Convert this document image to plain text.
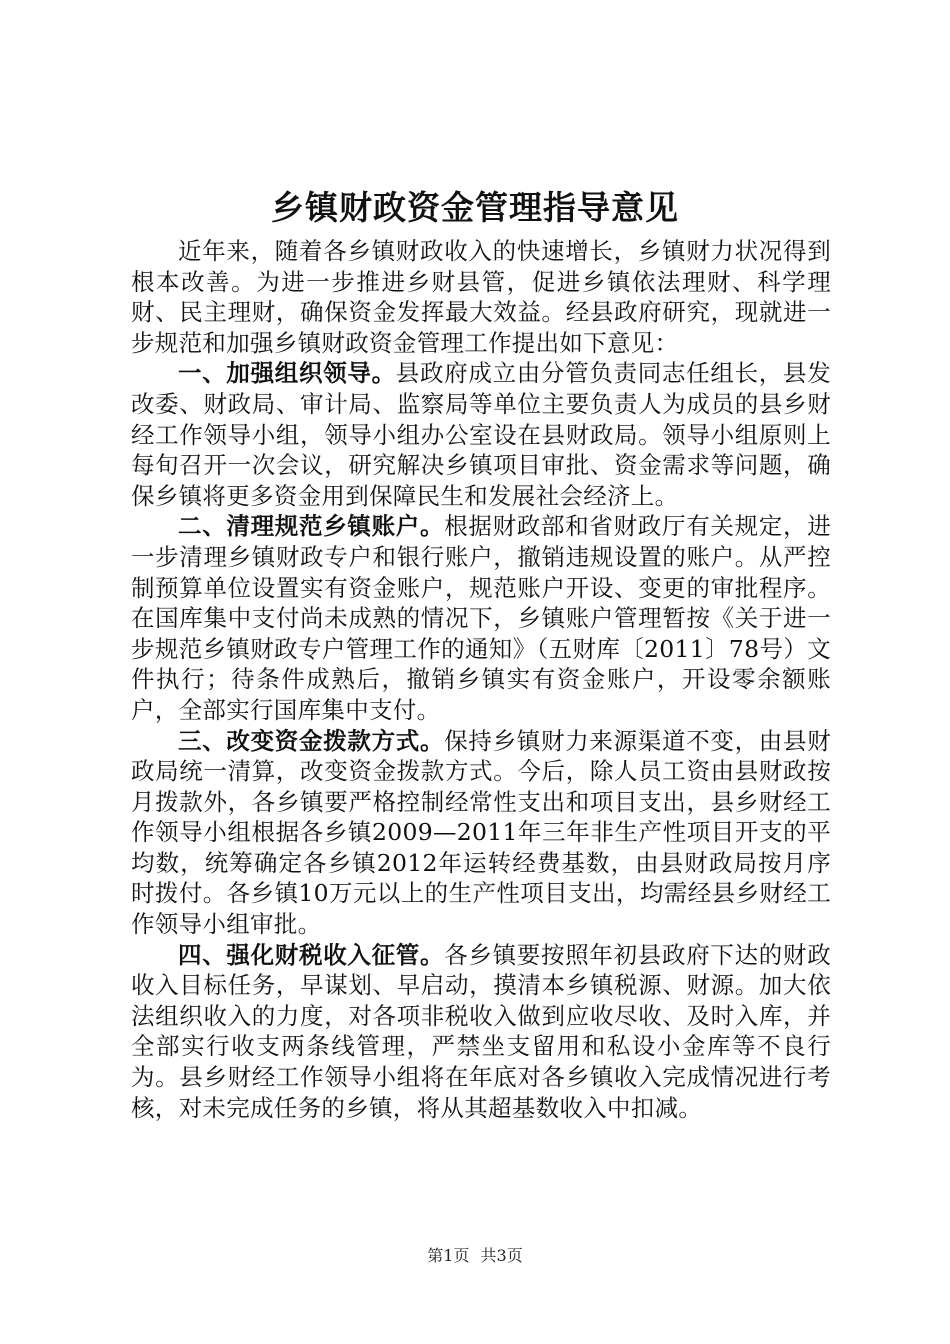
乡镇财政资金管理指导意见

近年来，随着各乡镇财政收入的快速增长，乡镇财力状况得到根本改善。为进一步推进乡财县管，促进乡镇依法理财、科学理财、民主理财，确保资金发挥最大效益。经县政府研究，现就进一步规范和加强乡镇财政资金管理工作提出如下意见：

一、加强组织领导。县政府成立由分管负责同志任组长，县发改委、财政局、审计局、监察局等单位主要负责人为成员的县乡财经工作领导小组，领导小组办公室设在县财政局。领导小组原则上每旬召开一次会议，研究解决乡镇项目审批、资金需求等问题，确保乡镇将更多资金用到保障民生和发展社会经济上。

二、清理规范乡镇账户。根据财政部和省财政厅有关规定，进一步清理乡镇财政专户和银行账户，撤销违规设置的账户。从严控制预算单位设置实有资金账户，规范账户开设、变更的审批程序。在国库集中支付尚未成熟的情况下，乡镇账户管理暂按《关于进一步规范乡镇财政专户管理工作的通知》（五财库〔2011〕78号）文件执行；待条件成熟后，撤销乡镇实有资金账户，开设零余额账户，全部实行国库集中支付。

三、改变资金拨款方式。保持乡镇财力来源渠道不变，由县财政局统一清算，改变资金拨款方式。今后，除人员工资由县财政按月拨款外，各乡镇要严格控制经常性支出和项目支出，县乡财经工作领导小组根据各乡镇2009—2011年三年非生产性项目开支的平均数，统筹确定各乡镇2012年运转经费基数，由县财政局按月序时拨付。各乡镇10万元以上的生产性项目支出，均需经县乡财经工作领导小组审批。

四、强化财税收入征管。各乡镇要按照年初县政府下达的财政收入目标任务，早谋划、早启动，摸清本乡镇税源、财源。加大依法组织收入的力度，对各项非税收入做到应收尽收、及时入库，并全部实行收支两条线管理，严禁坐支留用和私设小金库等不良行为。县乡财经工作领导小组将在年底对各乡镇收入完成情况进行考核，对未完成任务的乡镇，将从其超基数收入中扣减。

第1页 共3页
